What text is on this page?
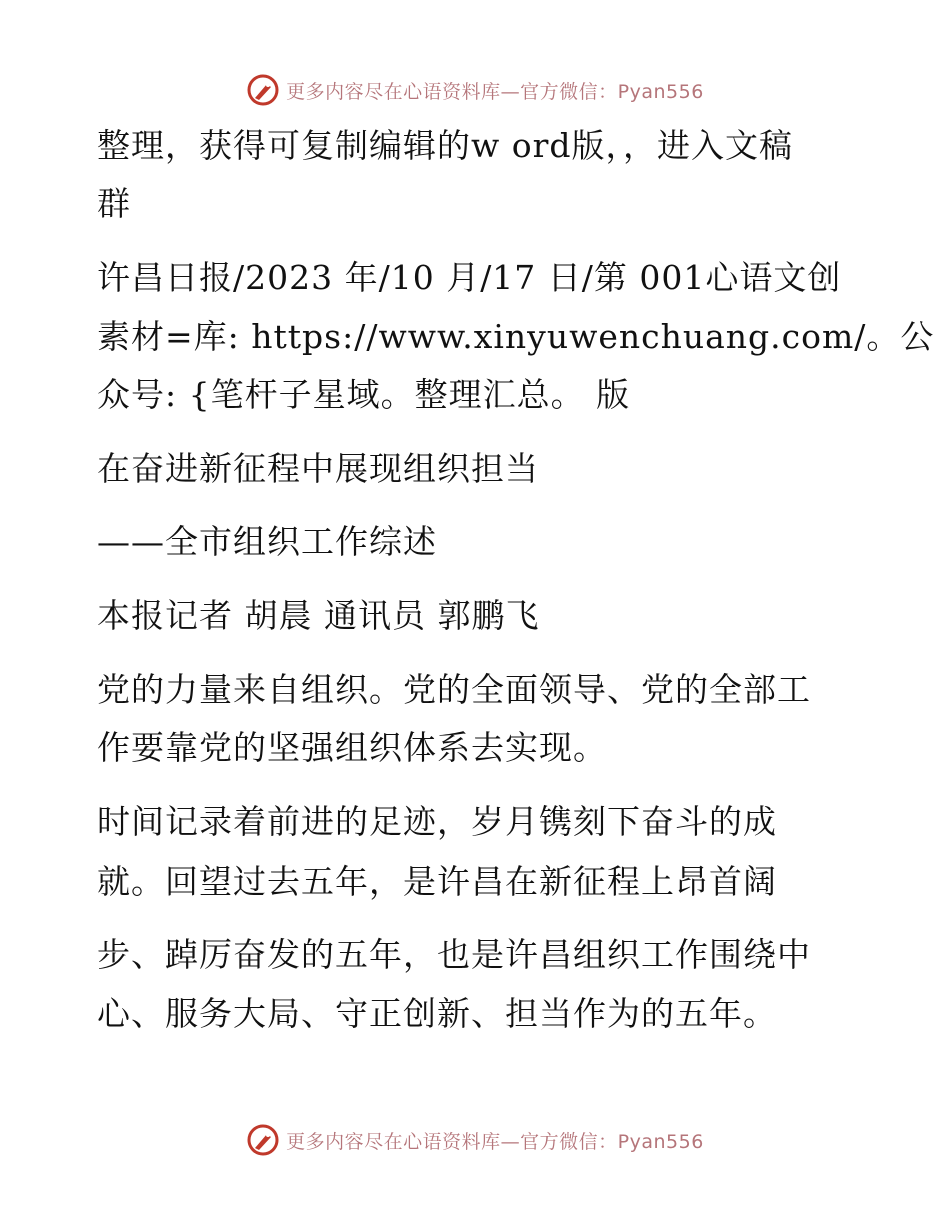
更多内容尽在心语资料库—官方微信：Pyan556
整理，获得可复制编辑的w ord版，，进入文稿
群
许昌日报/2023 年/10 月/17 日/第 001心语文创
素材=库: https://www.xinyuwenchuang.com/。公
众号: {笔杆子星域。整理汇总。 版
在奋进新征程中展现组织担当
——全市组织工作综述
本报记者 胡晨 通讯员 郭鹏飞
党的力量来自组织。党的全面领导、党的全部工
作要靠党的坚强组织体系去实现。
时间记录着前进的足迹，岁月镌刻下奋斗的成
就。回望过去五年，是许昌在新征程上昂首阔
步、踔厉奋发的五年，也是许昌组织工作围绕中
心、服务大局、守正创新、担当作为的五年。
更多内容尽在心语资料库—官方微信：Pyan556
